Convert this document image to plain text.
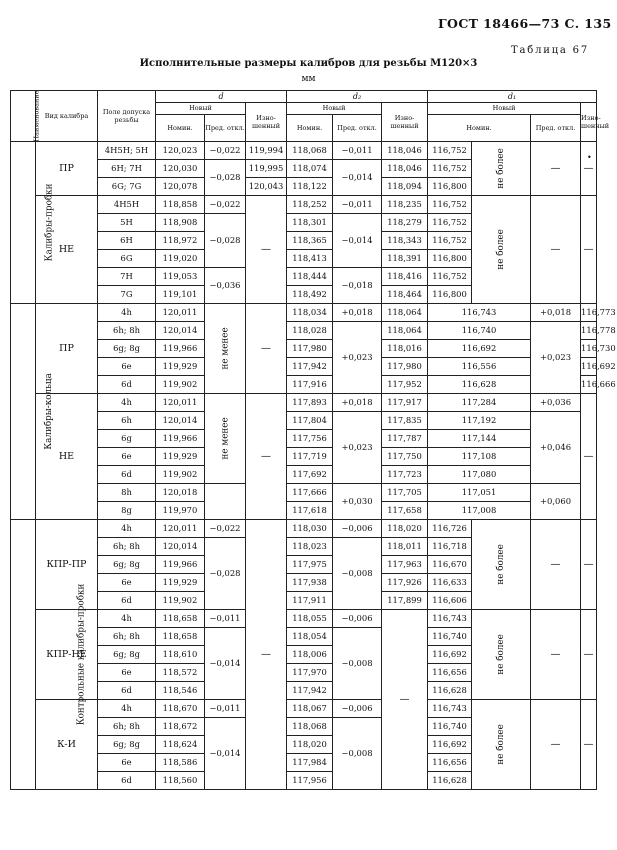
ГОСТ 18466—73 С. 135
Таблица 67
Исполнительные размеры калибров для резьбы М120×3
мм
•
Наименование	Вид калибра	Поле допуска резьбы	d			d₂			d₁			
			Новый		Изношенный	Новый		Изношенный	Новый			Изношенный
			Номин.	Пред. откл.		Номин.	Пред. откл.		Номин.		Пред. откл.	
Калибры-пробки	ПР	4H5H; 5H	120,023	−0,022	119,994	118,068	−0,011	118,046	116,752	не более	—	—
		6H; 7H	120,030	−0,028	119,995	118,074	−0,014	118,046	116,752			
		6G; 7G	120,078		120,043	118,122		118,094	116,800			
	НЕ	4H5H	118,858	−0,022	—	118,252	−0,011	118,235	116,752	не более	—	—
		5H	118,908	−0,028		118,301	−0,014	118,279	116,752			
		6H	118,972			118,365		118,343	116,752			
		6G	119,020			118,413		118,391	116,800			
		7H	119,053	−0,036		118,444	−0,018	118,416	116,752			
		7G	119,101			118,492		118,464	116,800			
Калибры-кольца	ПР	4h	120,011	не менее	—	118,034	+0,018	118,064	116,743		+0,018	116,773
		6h; 8h	120,014			118,028	+0,023	118,064	116,740		+0,023	116,778
		6g; 8g	119,966			117,980		118,016	116,692			116,730
		6e	119,929			117,942		117,980	116,556			116,692
		6d	119,902			117,916		117,952	116,628			116,666
	НЕ	4h	120,011	не менее	—	117,893	+0,018	117,917	117,284		+0,036	—
		6h	120,014			117,804	+0,023	117,835	117,192		+0,046	
		6g	119,966			117,756		117,787	117,144			
		6e	119,929			117,719		117,750	117,108			
		6d	119,902			117,692		117,723	117,080			
		8h	120,018			117,666	+0,030	117,705	117,051		+0,060	
		8g	119,970			117,618		117,658	117,008			
Контрольные калибры-пробки	КПР-ПР	4h	120,011	−0,022	—	118,030	−0,006	118,020	116,726	не более	—	—
		6h; 8h	120,014	−0,028		118,023	−0,008	118,011	116,718			
		6g; 8g	119,966			117,975		117,963	116,670			
		6e	119,929			117,938		117,926	116,633			
		6d	119,902			117,911		117,899	116,606			
	КПР-НЕ	4h	118,658	−0,011		118,055	−0,006	—	116,743	не более	—	—
		6h; 8h	118,658	−0,014		118,054	−0,008		116,740			
		6g; 8g	118,610			118,006			116,692			
		6e	118,572			117,970			116,656			
		6d	118,546			117,942			116,628			
	К-И	4h	118,670	−0,011		118,067	−0,006		116,743	не более	—	—
		6h; 8h	118,672	−0,014		118,068	−0,008		116,740			
		6g; 8g	118,624			118,020			116,692			
		6e	118,586			117,984			116,656			
		6d	118,560			117,956			116,628			
